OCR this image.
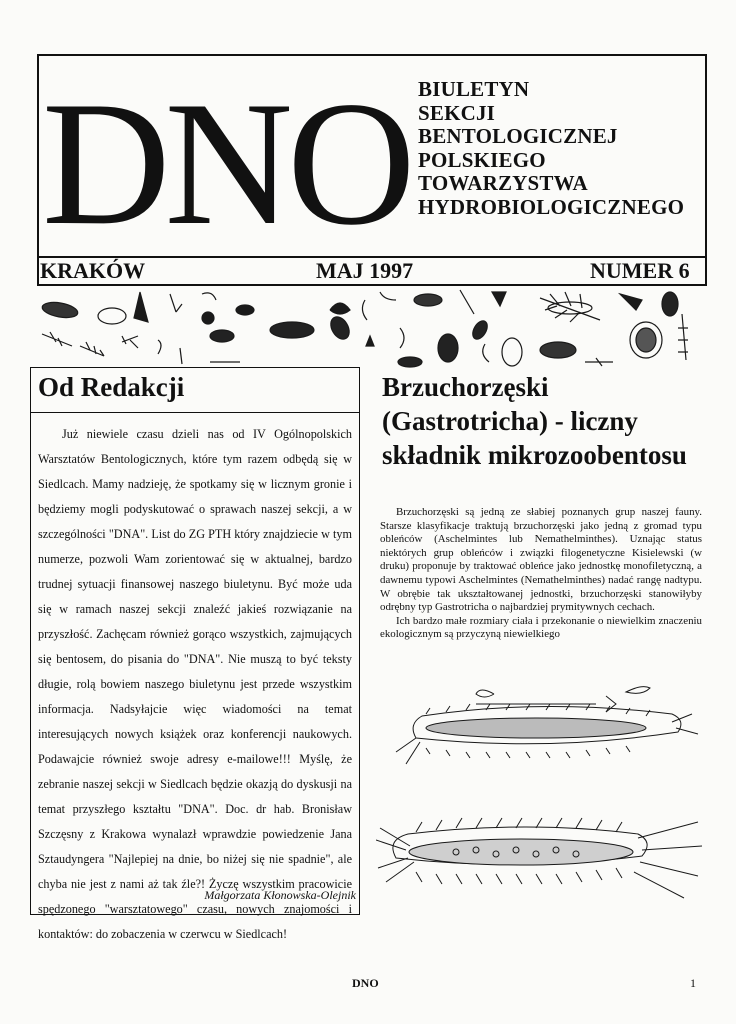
DNO BIULETYN
SEKCJI
BENTOLOGICZNEJ
POLSKIEGO
TOWARZYSTWA
HYDROBIOLOGICZNEGO
KRAKÓW	MAJ 1997	NUMER 6
Od Redakcji

Już niewiele czasu dzieli nas od IV Ogólnopolskich Warsztatów Bentologicznych, które tym razem odbędą się w Siedlcach. Mamy nadzieję, że spotkamy się w licznym gronie i będziemy mogli podyskutować o sprawach naszej sekcji, a w szczególności "DNA". List do ZG PTH który znajdziecie w tym numerze, pozwoli Wam zorientować się w aktualnej, bardzo trudnej sytuacji finansowej naszego biuletynu. Być może uda się w ramach naszej sekcji znaleźć jakieś rozwiązanie na przyszłość. Zachęcam również gorąco wszystkich, zajmujących się bentosem, do pisania do "DNA". Nie muszą to być teksty długie, rolą bowiem naszego biuletynu jest przede wszystkim informacja. Nadsyłajcie więc wiadomości na temat interesujących nowych książek oraz konferencji naukowych. Podawajcie również swoje adresy e-mailowe!!! Myślę, że zebranie naszej sekcji w Siedlcach będzie okazją do dyskusji na temat przyszłego kształtu "DNA". Doc. dr hab. Bronisław Szczęsny z Krakowa wynalazł wprawdzie powiedzenie Jana Sztaudyngera "Najlepiej na dnie, bo niżej się nie spadnie", ale chyba nie jest z nami aż tak źle?! Życzę wszystkim pracowicie spędzonego "warsztatowego" czasu, nowych znajomości i kontaktów: do zobaczenia w czerwcu w Siedlcach!

Małgorzata Kłonowska-Olejnik
Brzuchorzęski (Gastrotricha) - liczny składnik mikrozoobentosu

Brzuchorzęski są jedną ze słabiej poznanych grup naszej fauny. Starsze klasyfikacje traktują brzuchorzęski jako jedną z gromad typu obleńców (Aschelmintes lub Nemathelminthes). Uznając status niektórych grup obleńców i związki filogenetyczne Kisielewski (w druku) proponuje by traktować obleńce jako jednostkę monofiletyczną, a dawnemu typowi Aschelmintes (Nemathelminthes) nadać rangę nadtypu. W obrębie tak ukształtowanej jednostki, brzuchorzęski stanowiłyby odrębny typ Gastrotricha o najbardziej prymitywnych cechach.

Ich bardzo małe rozmiary ciała i przekonanie o niewielkim znaczeniu ekologicznym są przyczyną niewielkiego

DNO	1
